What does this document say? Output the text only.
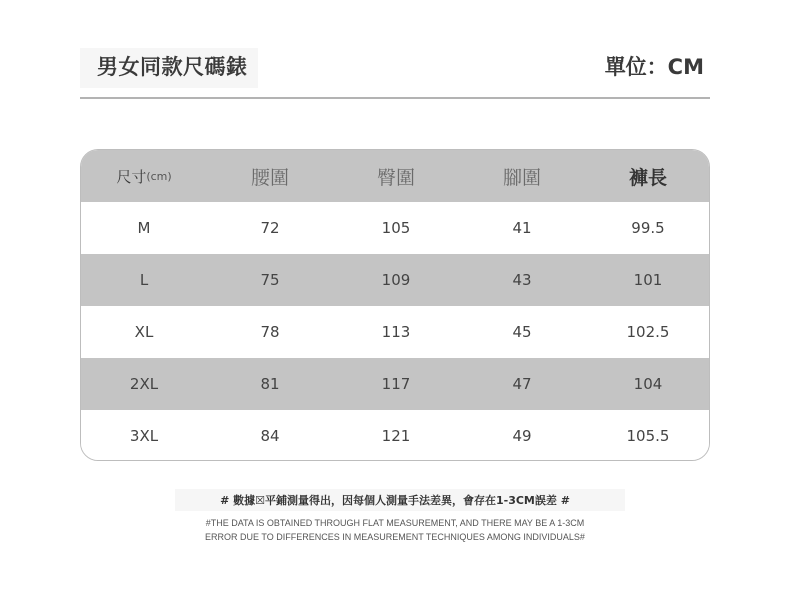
男女同款尺碼錶	單位：CM
尺寸 (cm)	腰圍	臀圍	腳圍	褲長
M	72	105	41	99.5
L	75	109	43	101
XL	78	113	45	102.5
2XL	81	117	47	104
3XL	84	121	49	105.5
# 數據☒平鋪測量得出，因每個人測量手法差異，會存在1-3CM誤差 #
#THE DATA IS OBTAINED THROUGH FLAT MEASUREMENT, AND THERE MAY BE A 1-3CM
ERROR DUE TO DIFFERENCES IN MEASUREMENT TECHNIQUES AMONG INDIVIDUALS#
